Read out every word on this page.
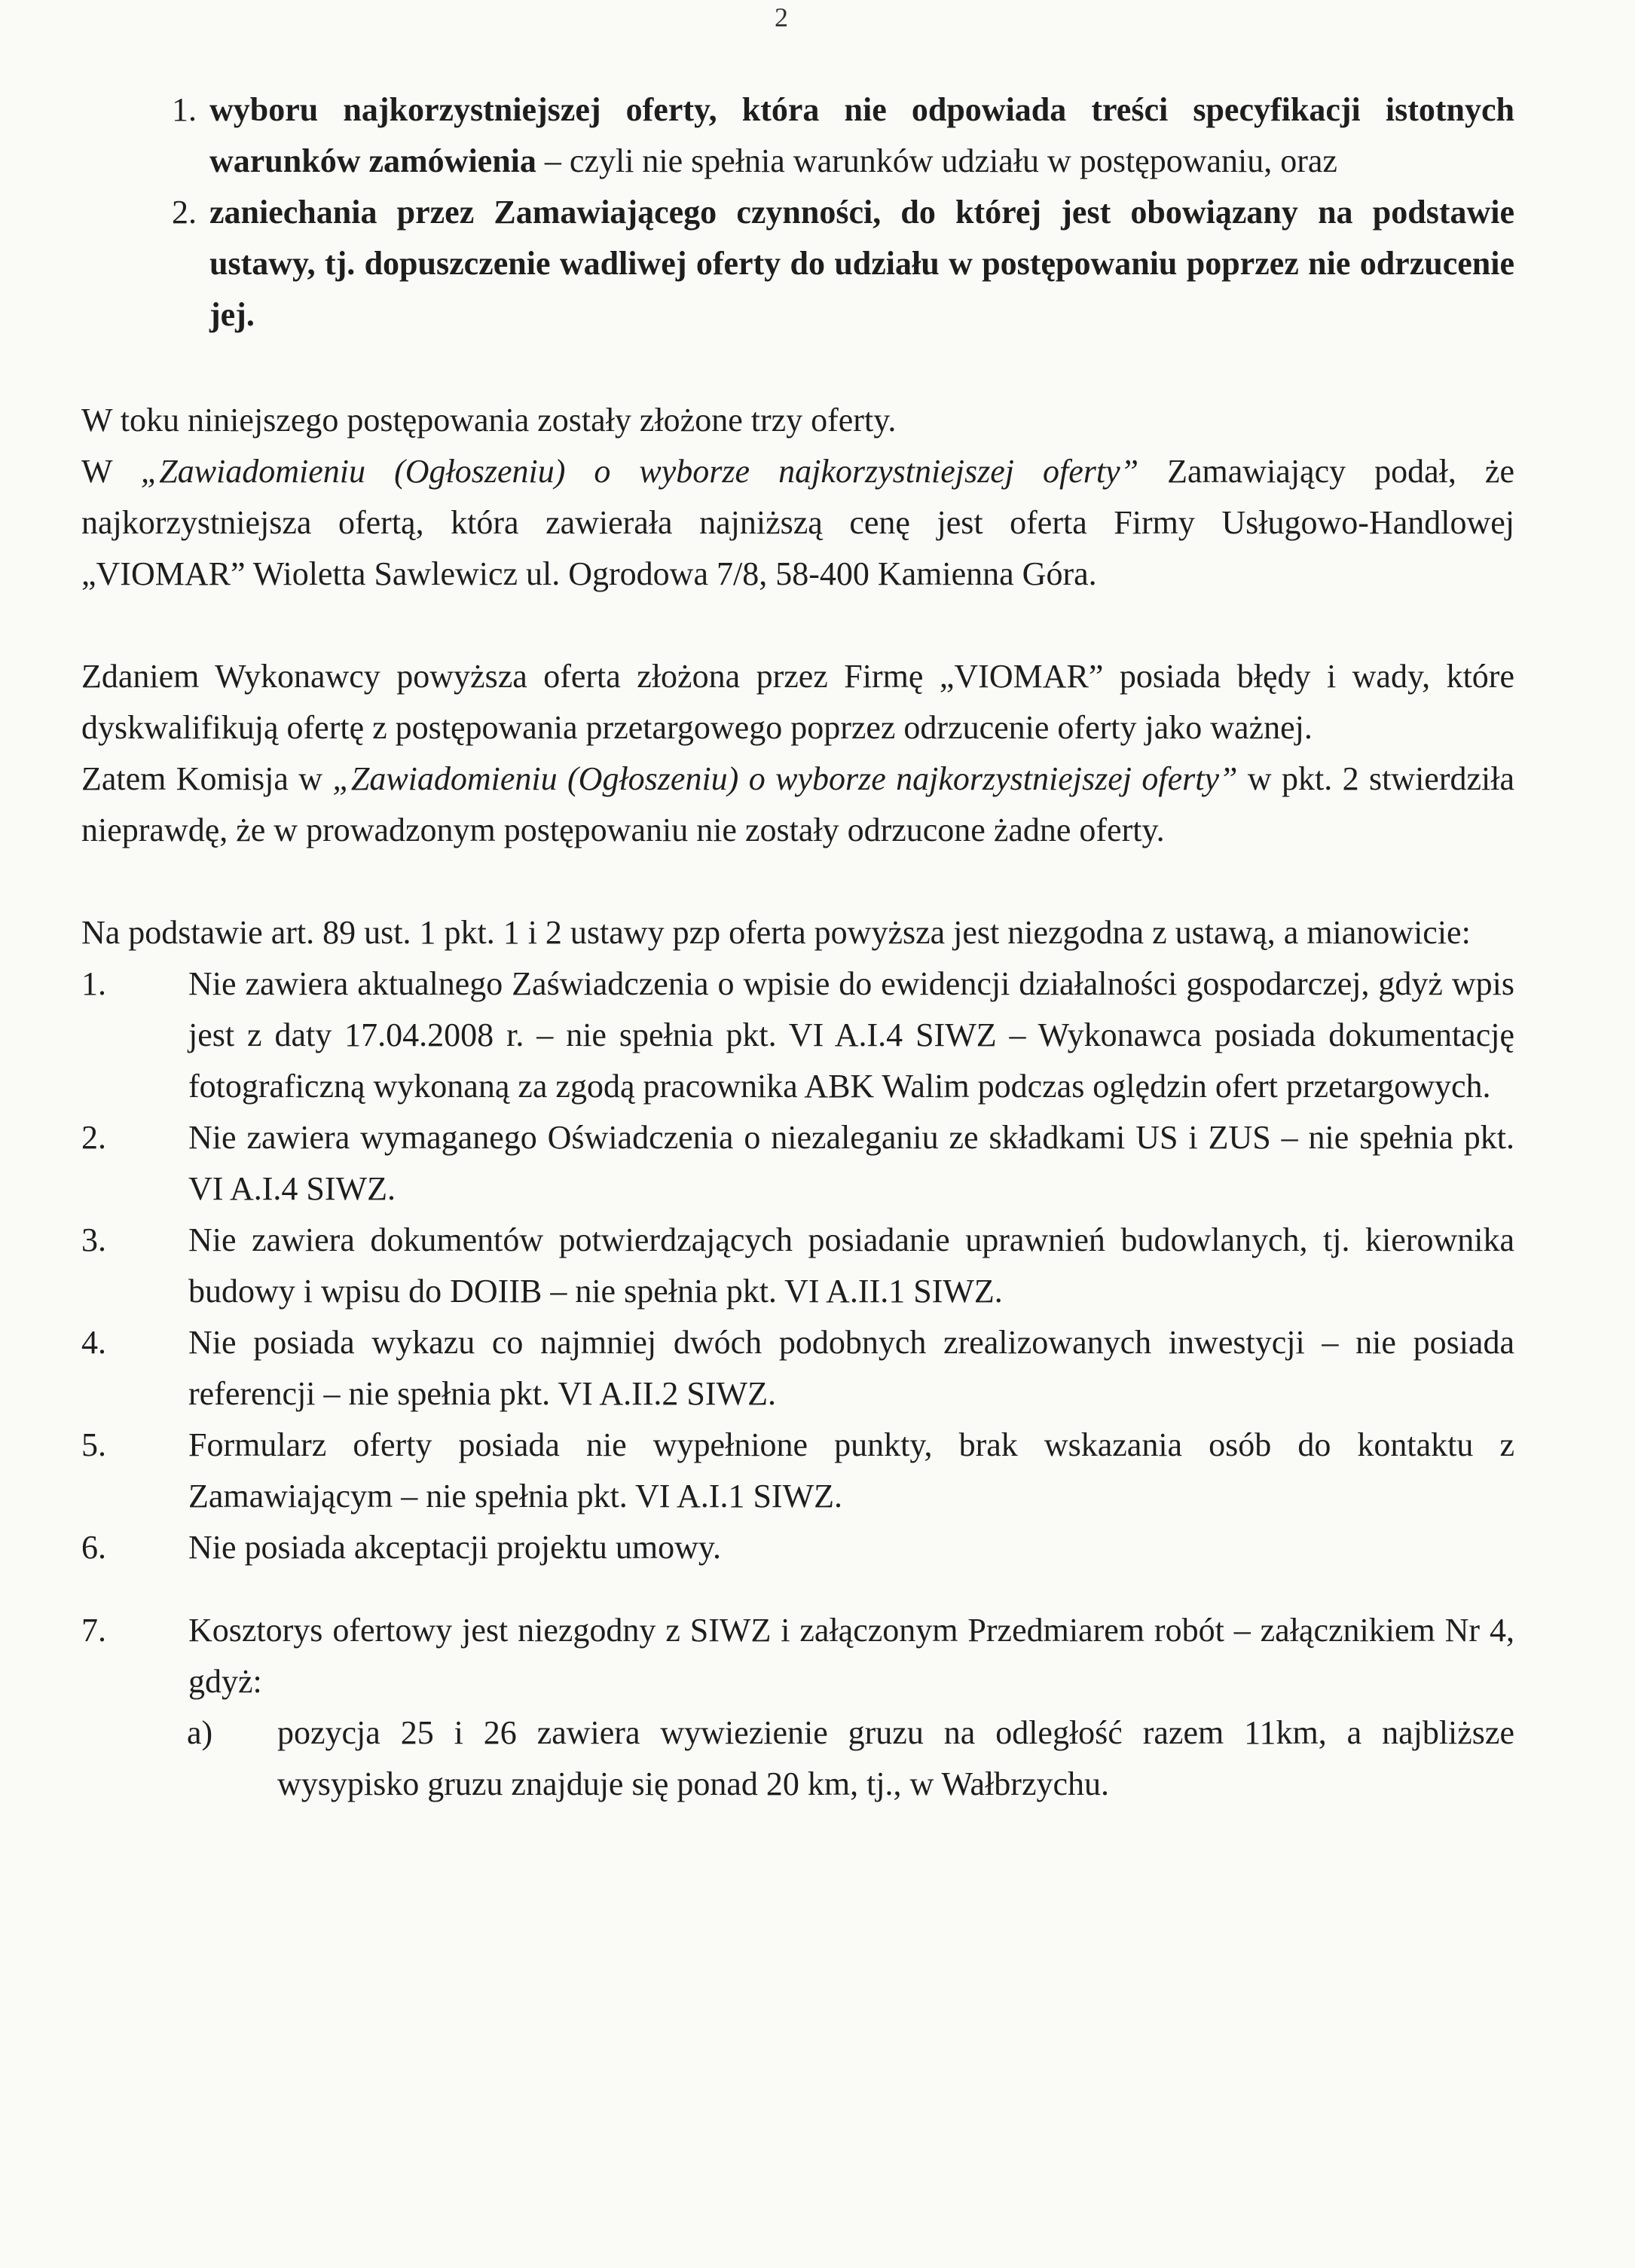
2
1. wyboru najkorzystniejszej oferty, która nie odpowiada treści specyfikacji istotnych warunków zamówienia – czyli nie spełnia warunków udziału w postępowaniu, oraz
2. zaniechania przez Zamawiającego czynności, do której jest obowiązany na podstawie ustawy, tj. dopuszczenie wadliwej oferty do udziału w postępowaniu poprzez nie odrzucenie jej.

W toku niniejszego postępowania zostały złożone trzy oferty.

W „Zawiadomieniu (Ogłoszeniu) o wyborze najkorzystniejszej oferty” Zamawiający podał, że najkorzystniejsza ofertą, która zawierała najniższą cenę jest oferta Firmy Usługowo-Handlowej „VIOMAR” Wioletta Sawlewicz ul. Ogrodowa 7/8, 58-400 Kamienna Góra.

Zdaniem Wykonawcy powyższa oferta złożona przez Firmę „VIOMAR” posiada błędy i wady, które dyskwalifikują ofertę z postępowania przetargowego poprzez odrzucenie oferty jako ważnej.

Zatem Komisja w „Zawiadomieniu (Ogłoszeniu) o wyborze najkorzystniejszej oferty” w pkt. 2 stwierdziła nieprawdę, że w prowadzonym postępowaniu nie zostały odrzucone żadne oferty.

Na podstawie art. 89 ust. 1 pkt. 1 i 2 ustawy pzp oferta powyższa jest niezgodna z ustawą, a mianowicie:

1.	Nie zawiera aktualnego Zaświadczenia o wpisie do ewidencji działalności gospodarczej, gdyż wpis jest z daty 17.04.2008 r. – nie spełnia pkt. VI A.I.4 SIWZ – Wykonawca posiada dokumentację fotograficzną wykonaną za zgodą pracownika ABK Walim podczas oględzin ofert przetargowych.
2.	Nie zawiera wymaganego Oświadczenia o niezaleganiu ze składkami US i ZUS – nie spełnia pkt. VI A.I.4 SIWZ.
3.	Nie zawiera dokumentów potwierdzających posiadanie uprawnień budowlanych, tj. kierownika budowy i wpisu do DOIIB – nie spełnia pkt. VI A.II.1 SIWZ.
4.	Nie posiada wykazu co najmniej dwóch podobnych zrealizowanych inwestycji – nie posiada referencji – nie spełnia pkt. VI A.II.2 SIWZ.
5.	Formularz oferty posiada nie wypełnione punkty, brak wskazania osób do kontaktu z Zamawiającym – nie spełnia pkt. VI A.I.1 SIWZ.
6.	Nie posiada akceptacji projektu umowy.
7.	Kosztorys ofertowy jest niezgodny z SIWZ i załączonym Przedmiarem robót – załącznikiem Nr 4, gdyż:
a) pozycja 25 i 26 zawiera wywiezienie gruzu na odległość razem 11km, a najbliższe wysypisko gruzu znajduje się ponad 20 km, tj., w Wałbrzychu.
